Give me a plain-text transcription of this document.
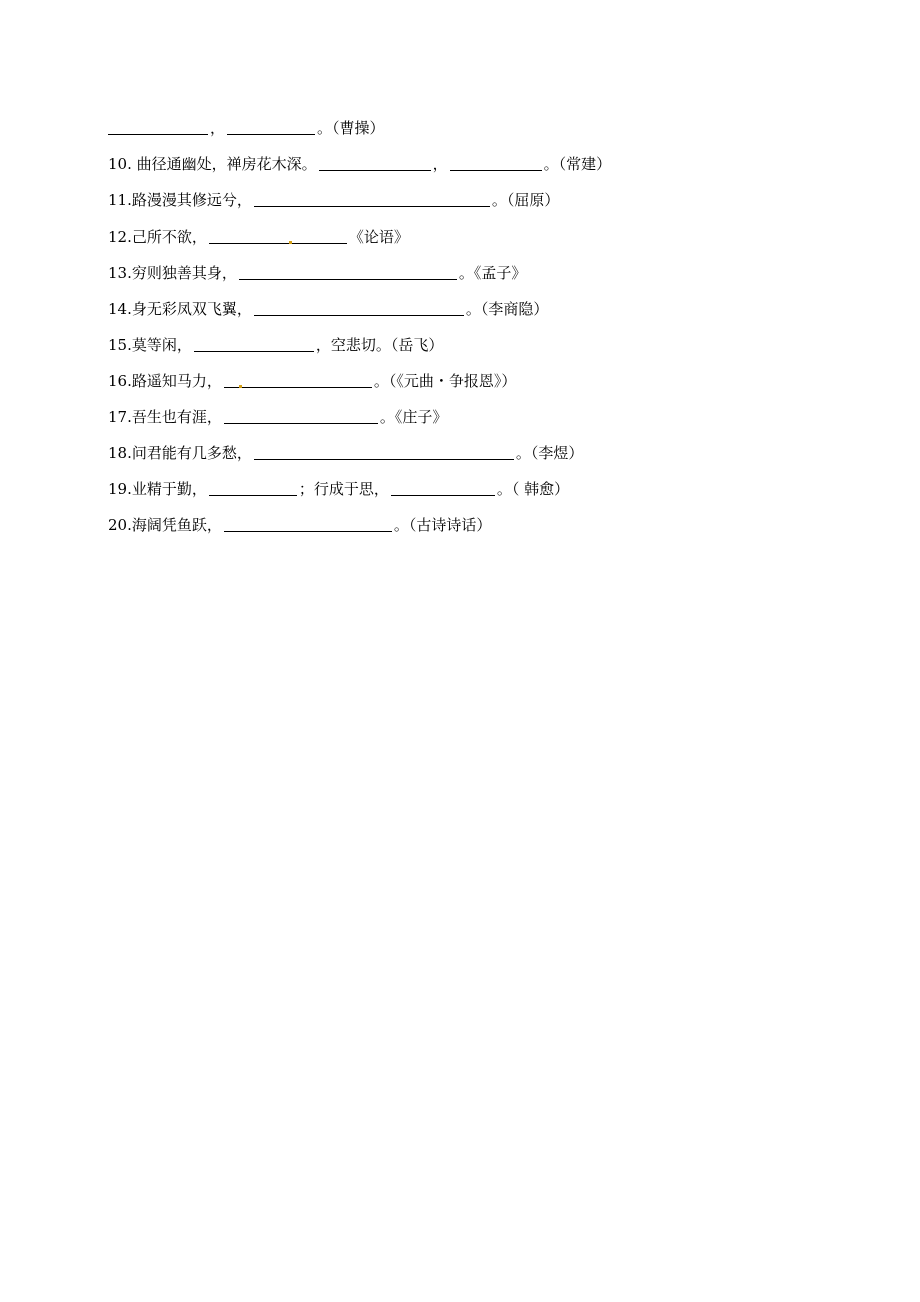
，	。（曹操）
10. 曲径通幽处，禅房花木深。	，	。（常建）
11.路漫漫其修远兮，	。（屈原）
12.己所不欲，	《论语》
13.穷则独善其身，	。《孟子》
14.身无彩凤双飞翼，	。（李商隐）
15.莫等闲，	，空悲切。（岳飞）
16.路遥知马力，	。（《元曲・争报恩》）
17.吾生也有涯，	。《庄子》
18.问君能有几多愁，	。（李煜）
19.业精于勤，	；行成于思，	。（ 韩愈）
20.海阔凭鱼跃，	。（古诗诗话）
